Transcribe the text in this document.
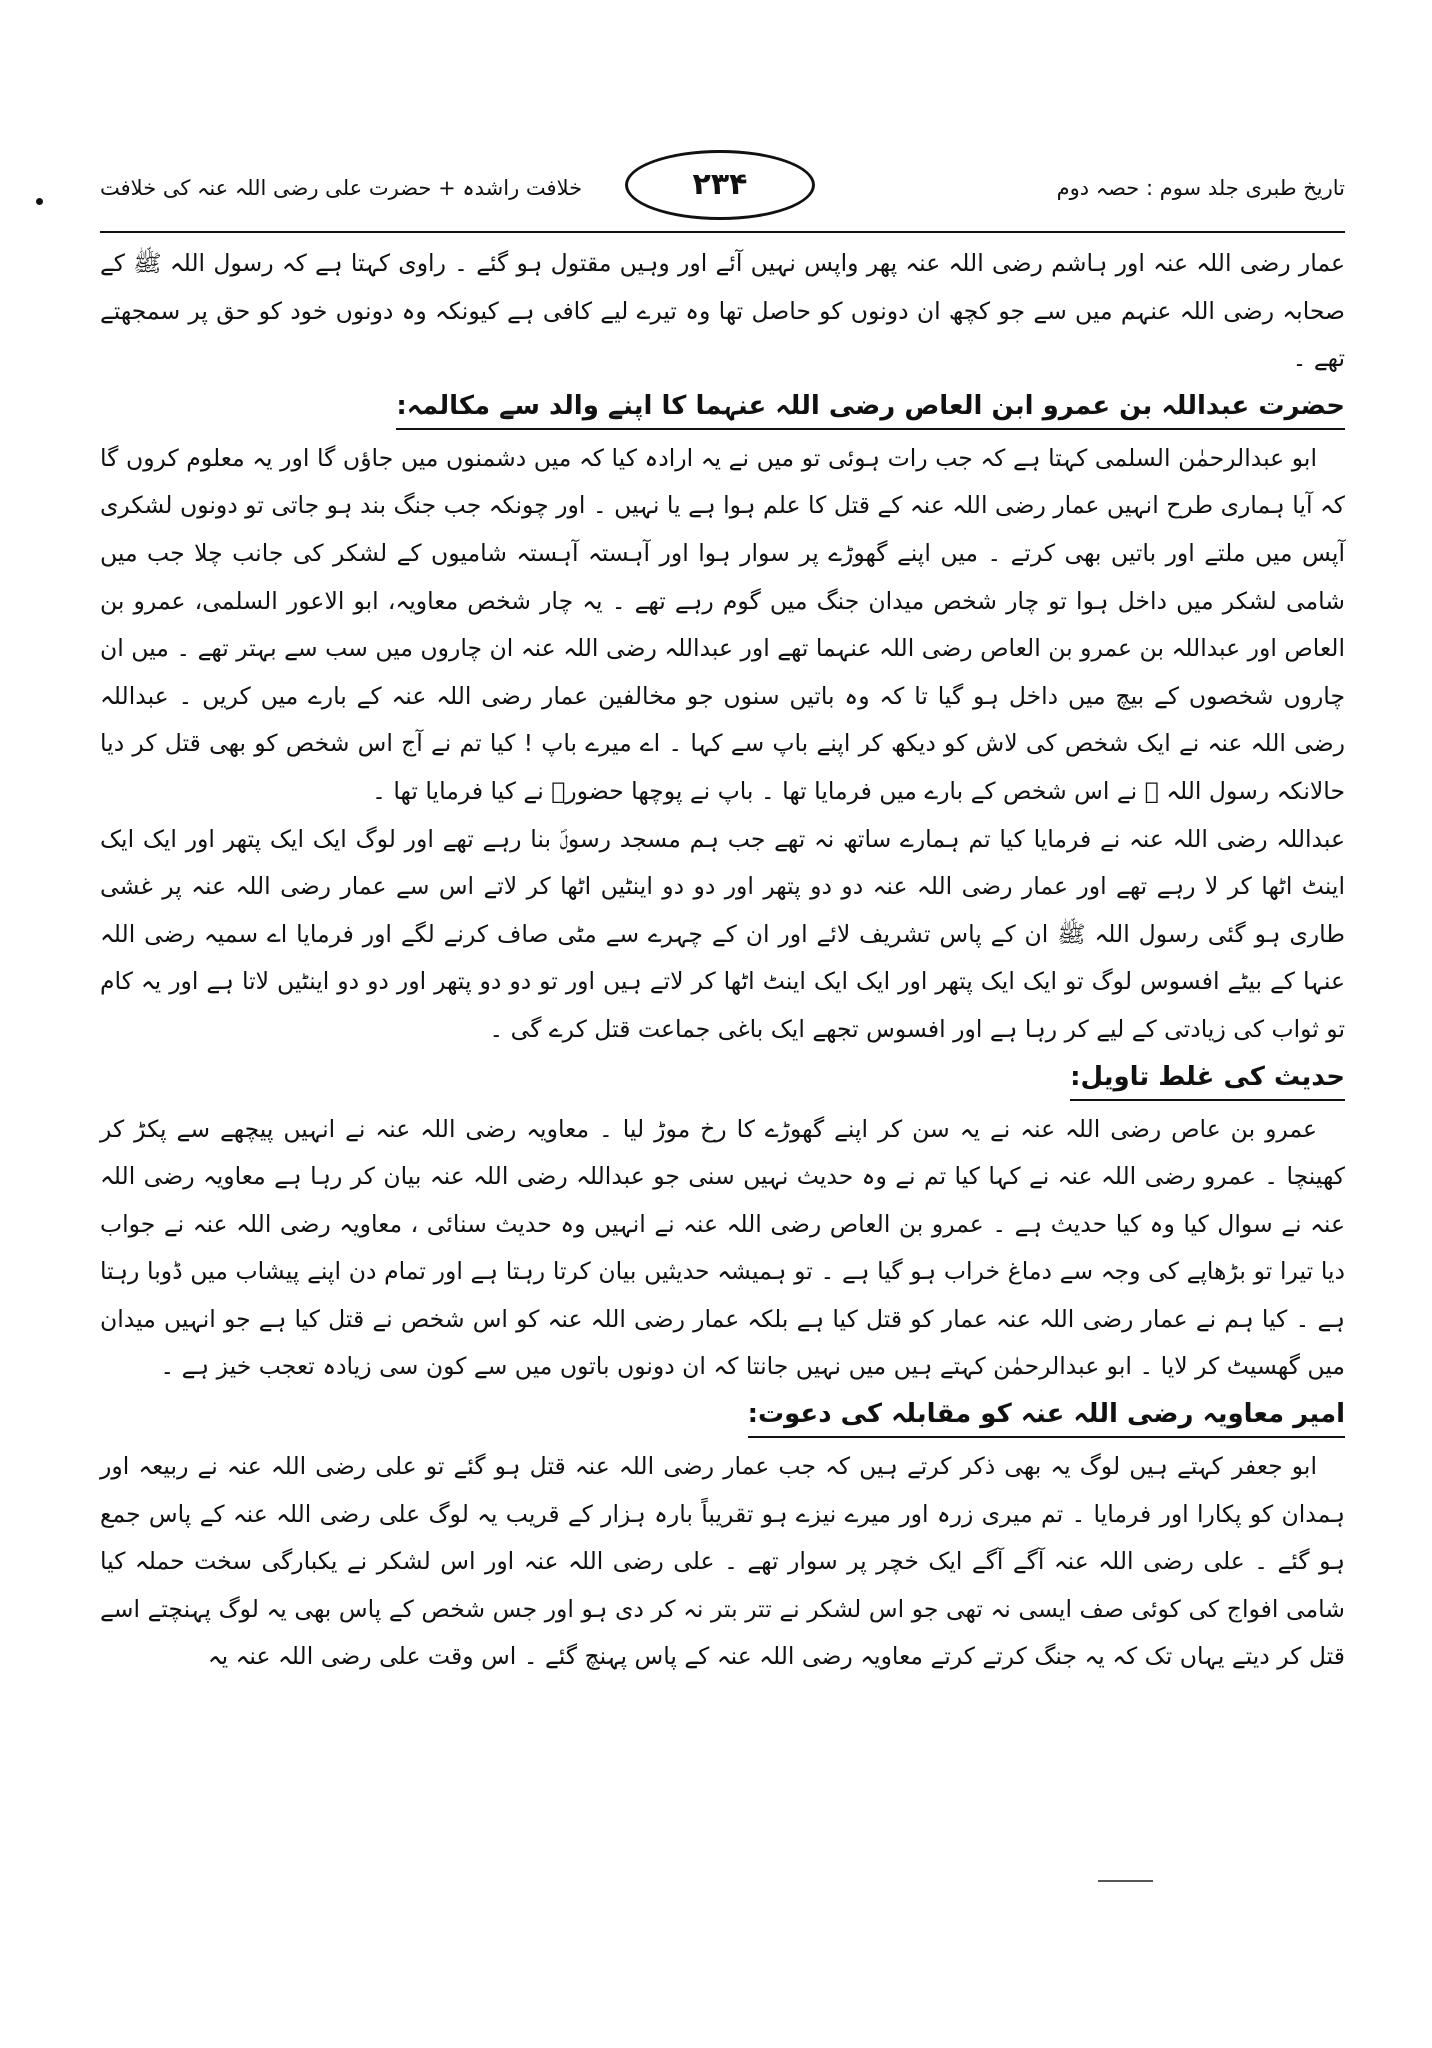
تاریخ طبری جلد سوم : حصہ دوم
۲۳۴
خلافت راشدہ + حضرت علی رضی اللہ عنہ کی خلافت

عمار رضی اللہ عنہ اور ہاشم رضی اللہ عنہ پھر واپس نہیں آئے اور وہیں مقتول ہو گئے ۔ راوی کہتا ہے کہ رسول اللہ ﷺ کے صحابہ رضی اللہ عنہم میں سے جو کچھ ان دونوں کو حاصل تھا وہ تیرے لیے کافی ہے کیونکہ وہ دونوں خود کو حق پر سمجھتے تھے ۔

حضرت عبداللہ بن عمرو ابن العاص رضی اللہ عنہما کا اپنے والد سے مکالمہ:

ابو عبدالرحمٰن السلمی کہتا ہے کہ جب رات ہوئی تو میں نے یہ ارادہ کیا کہ میں دشمنوں میں جاؤں گا اور یہ معلوم کروں گا کہ آیا ہماری طرح انہیں عمار رضی اللہ عنہ کے قتل کا علم ہوا ہے یا نہیں ۔ اور چونکہ جب جنگ بند ہو جاتی تو دونوں لشکری آپس میں ملتے اور باتیں بھی کرتے ۔ میں اپنے گھوڑے پر سوار ہوا اور آہستہ آہستہ شامیوں کے لشکر کی جانب چلا جب میں شامی لشکر میں داخل ہوا تو چار شخص میدان جنگ میں گوم رہے تھے ۔ یہ چار شخص معاویہ، ابو الاعور السلمی، عمرو بن العاص اور عبداللہ بن عمرو بن العاص رضی اللہ عنہما تھے اور عبداللہ رضی اللہ عنہ ان چاروں میں سب سے بہتر تھے ۔ میں ان چاروں شخصوں کے بیچ میں داخل ہو گیا تا کہ وہ باتیں سنوں جو مخالفین عمار رضی اللہ عنہ کے بارے میں کریں ۔ عبداللہ رضی اللہ عنہ نے ایک شخص کی لاش کو دیکھ کر اپنے باپ سے کہا ۔ اے میرے باپ ! کیا تم نے آج اس شخص کو بھی قتل کر دیا حالانکہ رسول اللہ ﷺ نے اس شخص کے بارے میں فرمایا تھا ۔ باپ نے پوچھا حضورؐ نے کیا فرمایا تھا ۔

عبداللہ رضی اللہ عنہ نے فرمایا کیا تم ہمارے ساتھ نہ تھے جب ہم مسجد رسولؐ بنا رہے تھے اور لوگ ایک ایک پتھر اور ایک ایک اینٹ اٹھا کر لا رہے تھے اور عمار رضی اللہ عنہ دو دو پتھر اور دو دو اینٹیں اٹھا کر لاتے اس سے عمار رضی اللہ عنہ پر غشی طاری ہو گئی رسول اللہ ﷺ ان کے پاس تشریف لائے اور ان کے چہرے سے مٹی صاف کرنے لگے اور فرمایا اے سمیہ رضی اللہ عنہا کے بیٹے افسوس لوگ تو ایک ایک پتھر اور ایک ایک اینٹ اٹھا کر لاتے ہیں اور تو دو دو پتھر اور دو دو اینٹیں لاتا ہے اور یہ کام تو ثواب کی زیادتی کے لیے کر رہا ہے اور افسوس تجھے ایک باغی جماعت قتل کرے گی ۔

حدیث کی غلط تاویل:

عمرو بن عاص رضی اللہ عنہ نے یہ سن کر اپنے گھوڑے کا رخ موڑ لیا ۔ معاویہ رضی اللہ عنہ نے انہیں پیچھے سے پکڑ کر کھینچا ۔ عمرو رضی اللہ عنہ نے کہا کیا تم نے وہ حدیث نہیں سنی جو عبداللہ رضی اللہ عنہ بیان کر رہا ہے معاویہ رضی اللہ عنہ نے سوال کیا وہ کیا حدیث ہے ۔ عمرو بن العاص رضی اللہ عنہ نے انہیں وہ حدیث سنائی ، معاویہ رضی اللہ عنہ نے جواب دیا تیرا تو بڑھاپے کی وجہ سے دماغ خراب ہو گیا ہے ۔ تو ہمیشہ حدیثیں بیان کرتا رہتا ہے اور تمام دن اپنے پیشاب میں ڈوبا رہتا ہے ۔ کیا ہم نے عمار رضی اللہ عنہ عمار کو قتل کیا ہے بلکہ عمار رضی اللہ عنہ کو اس شخص نے قتل کیا ہے جو انہیں میدان میں گھسیٹ کر لایا ۔ ابو عبدالرحمٰن کہتے ہیں میں نہیں جانتا کہ ان دونوں باتوں میں سے کون سی زیادہ تعجب خیز ہے ۔

امیر معاویہ رضی اللہ عنہ کو مقابلہ کی دعوت:

ابو جعفر کہتے ہیں لوگ یہ بھی ذکر کرتے ہیں کہ جب عمار رضی اللہ عنہ قتل ہو گئے تو علی رضی اللہ عنہ نے ربیعہ اور ہمدان کو پکارا اور فرمایا ۔ تم میری زرہ اور میرے نیزے ہو تقریباً بارہ ہزار کے قریب یہ لوگ علی رضی اللہ عنہ کے پاس جمع ہو گئے ۔ علی رضی اللہ عنہ آگے آگے ایک خچر پر سوار تھے ۔ علی رضی اللہ عنہ اور اس لشکر نے یکبارگی سخت حملہ کیا شامی افواج کی کوئی صف ایسی نہ تھی جو اس لشکر نے تتر بتر نہ کر دی ہو اور جس شخص کے پاس بھی یہ لوگ پہنچتے اسے قتل کر دیتے یہاں تک کہ یہ جنگ کرتے کرتے معاویہ رضی اللہ عنہ کے پاس پہنچ گئے ۔ اس وقت علی رضی اللہ عنہ یہ
